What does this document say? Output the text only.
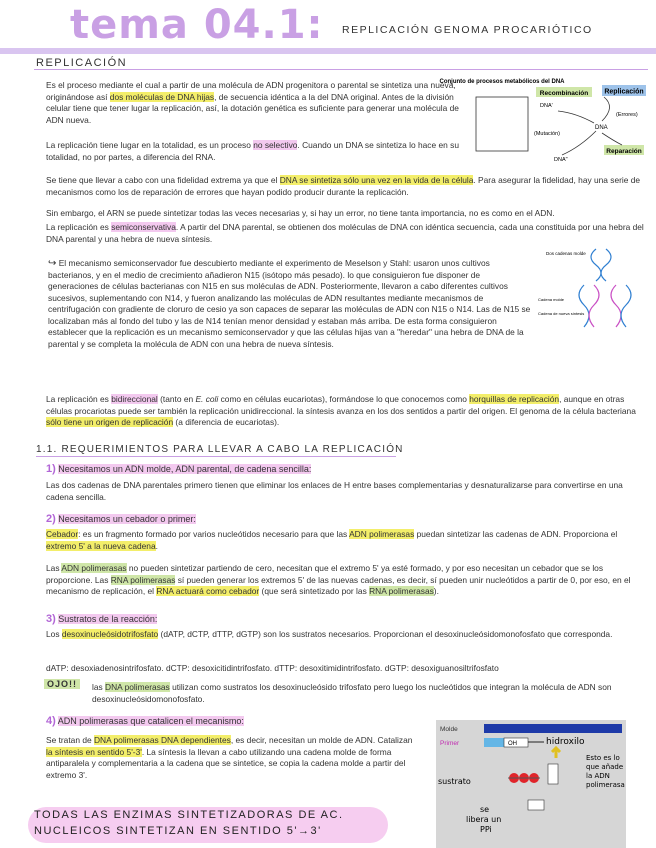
tema 04.1: REPLICACIÓN GENOMA PROCARIÓTICO
REPLICACIÓN
Es el proceso mediante el cual a partir de una molécula de ADN progenitora o parental se sintetiza una nueva, originándose así dos moléculas de DNA hijas, de secuencia idéntica a la del DNA original. Antes de la división celular tiene que tener lugar la replicación, así, la dotación genética es suficiente para generar una molécula de ADN nueva.
La replicación tiene lugar en la totalidad, es un proceso no selectivo. Cuando un DNA se sintetiza lo hace en su totalidad, no por partes, a diferencia del RNA.
Se tiene que llevar a cabo con una fidelidad extrema ya que el DNA se sintetiza sólo una vez en la vida de la célula. Para asegurar la fidelidad, hay una serie de mecanismos como los de reparación de errores que hayan podido producir durante la replicación.
Sin embargo, el ARN se puede sintetizar todas las veces necesarias y, si hay un error, no tiene tanta importancia, no es como en el ADN.
La replicación es semiconservativa. A partir del DNA parental, se obtienen dos moléculas de DNA con idéntica secuencia, cada una constituida por una hebra del DNA parental y una hebra de nueva síntesis.
↪ El mecanismo semiconservador fue descubierto mediante el experimento de Meselson y Stahl: usaron unos cultivos bacterianos, y en el medio de crecimiento añadieron N15 (isótopo más pesado). lo que consiguieron fue disponer de generaciones de células bacterianas con N15 en sus moléculas de ADN. Posteriormente, llevaron a cabo diferentes cultivos sucesivos, suplementando con N14, y fueron analizando las moléculas de ADN resultantes mediante mecanismos de centrifugación con gradiente de cloruro de cesio ya son capaces de separar las moléculas de ADN con N15 o N14. Las de N15 se localizaban más al fondo del tubo y las de N14 tenían menor densidad y estaban más arriba. De esta forma consiguieron establecer que la replicación es un mecanismo semiconservador y que las células hijas van a "heredar" una hebra de DNA de la parental y se completa la molécula de ADN con una hebra de nueva síntesis.
La replicación es bidireccional (tanto en E. coli como en células eucariotas), formándose lo que conocemos como horquillas de replicación, aunque en otras células procariotas puede ser también la replicación unidireccional. la síntesis avanza en los dos sentidos a partir del origen. El genoma de la célula bacteriana sólo tiene un origen de replicación (a diferencia de eucariotas).
Conjunto de procesos metabólicos del DNA
Recombinación Replicación
DNA'
(Errores)
DNA
(Mutación)
Reparación
DNA"
Dos cadenas molde
Cadena molde
Cadena de nueva síntesis
1.1. REQUERIMIENTOS PARA LLEVAR A CABO LA REPLICACIÓN
1) Necesitamos un ADN molde, ADN parental, de cadena sencilla:
Las dos cadenas de DNA parentales primero tienen que eliminar los enlaces de H entre bases complementarias y desnaturalizarse para convertirse en una cadena sencilla.
2) Necesitamos un cebador o primer:
Cebador: es un fragmento formado por varios nucleótidos necesario para que las ADN polimerasas puedan sintetizar las cadenas de ADN. Proporciona el extremo 5' a la nueva cadena.
Las ADN polimerasas no pueden sintetizar partiendo de cero, necesitan que el extremo 5' ya esté formado, y por eso necesitan un cebador que se los proporcione. Las RNA polimerasas sí pueden generar los extremos 5' de las nuevas cadenas, es decir, sí pueden unir nucleótidos a partir de 0, por eso, en el mecanismo de replicación, el RNA actuará como cebador (que será sintetizado por las RNA polimerasas).
3) Sustratos de la reacción:
Los desoxinucleósidotrifosfato (dATP, dCTP, dTTP, dGTP) son los sustratos necesarios. Proporcionan el desoxinucleósidomonofosfato que corresponda.
dATP: desoxiadenosintrifosfato. dCTP: desoxicitidintrifosfato. dTTP: desoxitimidintrifosfato. dGTP: desoxiguanosiltrifosfato
OJO!!	las DNA polimerasas utilizan como sustratos los desoxinucleósido trifosfato pero luego los nucleótidos que integran la molécula de ADN son desoxinucleósidomonofosfato.
4) ADN polimerasas que catalicen el mecanismo:
Se tratan de DNA polimerasas DNA dependientes, es decir, necesitan un molde de ADN. Catalizan la síntesis en sentido 5'-3'. La síntesis la llevan a cabo utilizando una cadena molde de forma antiparalela y complementaria a la cadena que se sintetice, se copia la cadena molde a partir del extremo 3'.
Molde
Primer	OH	hidroxilo
sustrato
Esto es lo que añade la ADN polimerasa
se libera un PPi
TODAS LAS ENZIMAS SINTETIZADORAS DE AC. NUCLEICOS SINTETIZAN EN SENTIDO 5'→3'
